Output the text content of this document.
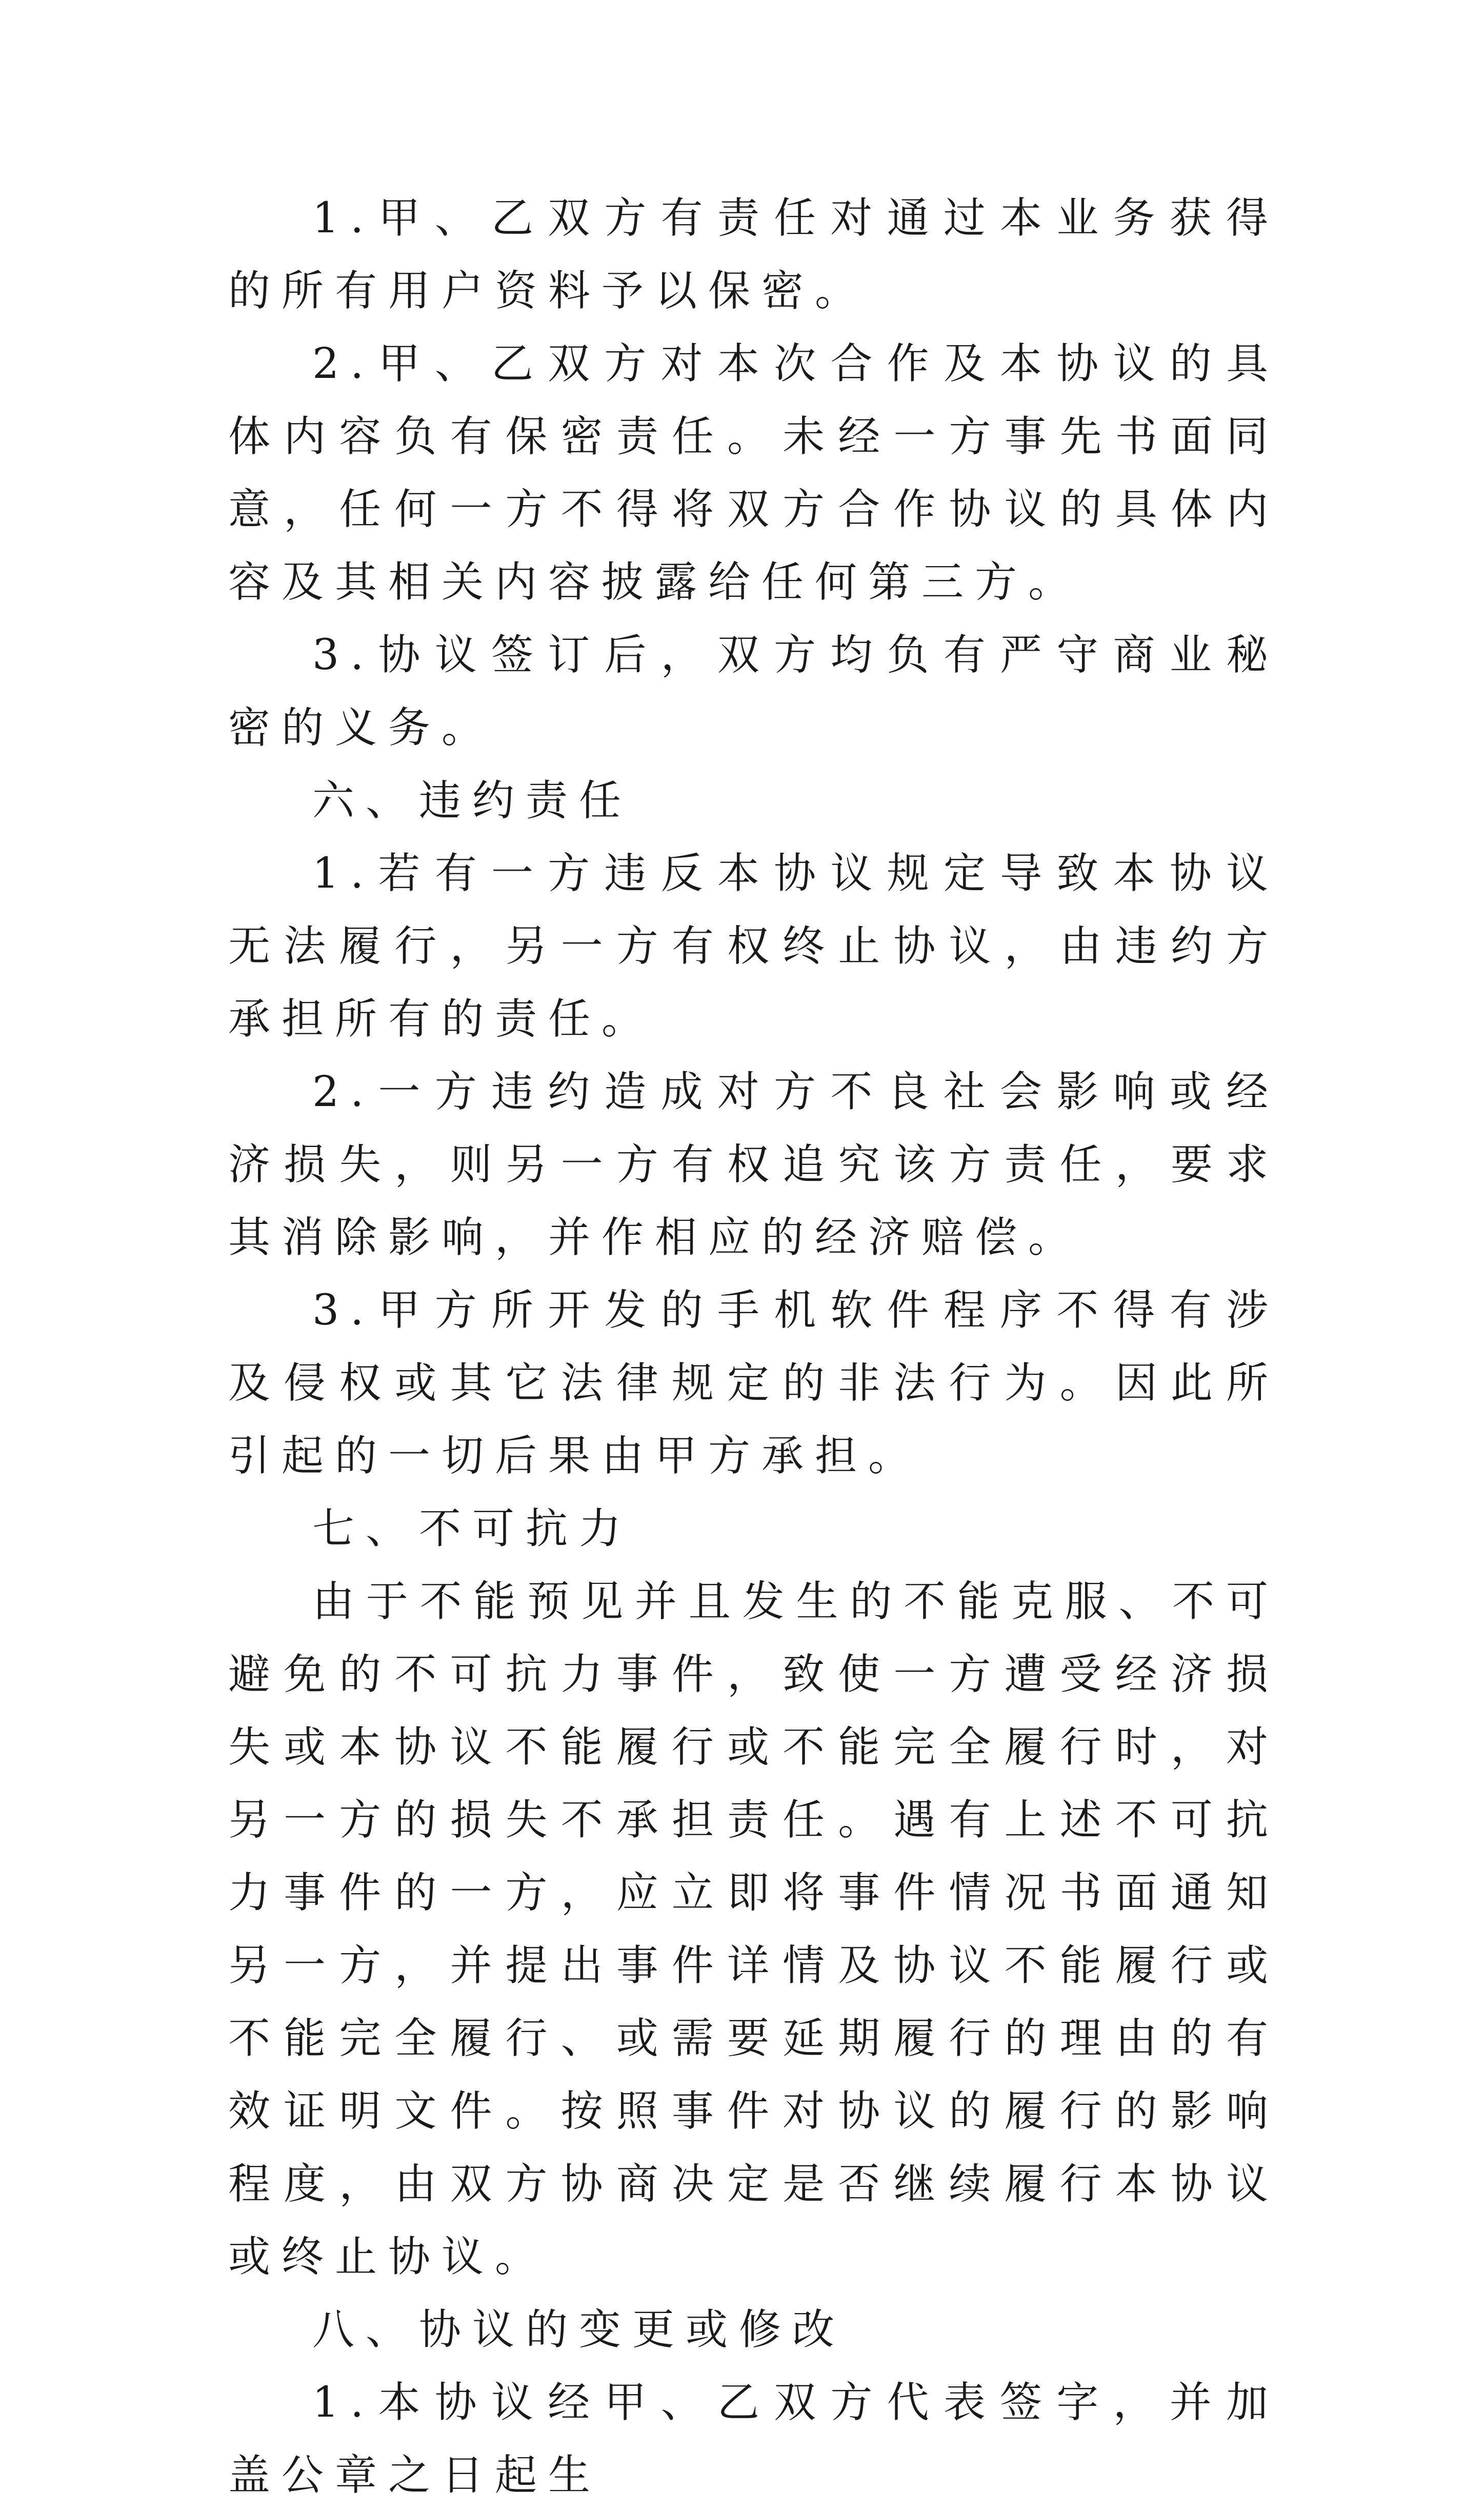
1.甲、乙双方有责任对通过本业务获得的所有用户资料予以保密。

2.甲、乙双方对本次合作及本协议的具体内容负有保密责任。未经一方事先书面同意，任何一方不得将双方合作协议的具体内容及其相关内容披露给任何第三方。

3.协议签订后，双方均负有严守商业秘密的义务。

六、违约责任

1.若有一方违反本协议规定导致本协议无法履行，另一方有权终止协议，由违约方承担所有的责任。

2.一方违约造成对方不良社会影响或经济损失，则另一方有权追究该方责任，要求其消除影响，并作相应的经济赔偿。

3.甲方所开发的手机软件程序不得有涉及侵权或其它法律规定的非法行为。因此所引起的一切后果由甲方承担。

七、不可抗力

由于不能预见并且发生的不能克服、不可避免的不可抗力事件，致使一方遭受经济损失或本协议不能履行或不能完全履行时，对另一方的损失不承担责任。遇有上述不可抗力事件的一方，应立即将事件情况书面通知另一方，并提出事件详情及协议不能履行或不能完全履行、或需要延期履行的理由的有效证明文件。按照事件对协议的履行的影响程度，由双方协商决定是否继续履行本协议或终止协议。

八、协议的变更或修改

1.本协议经甲、乙双方代表签字，并加盖公章之日起生
